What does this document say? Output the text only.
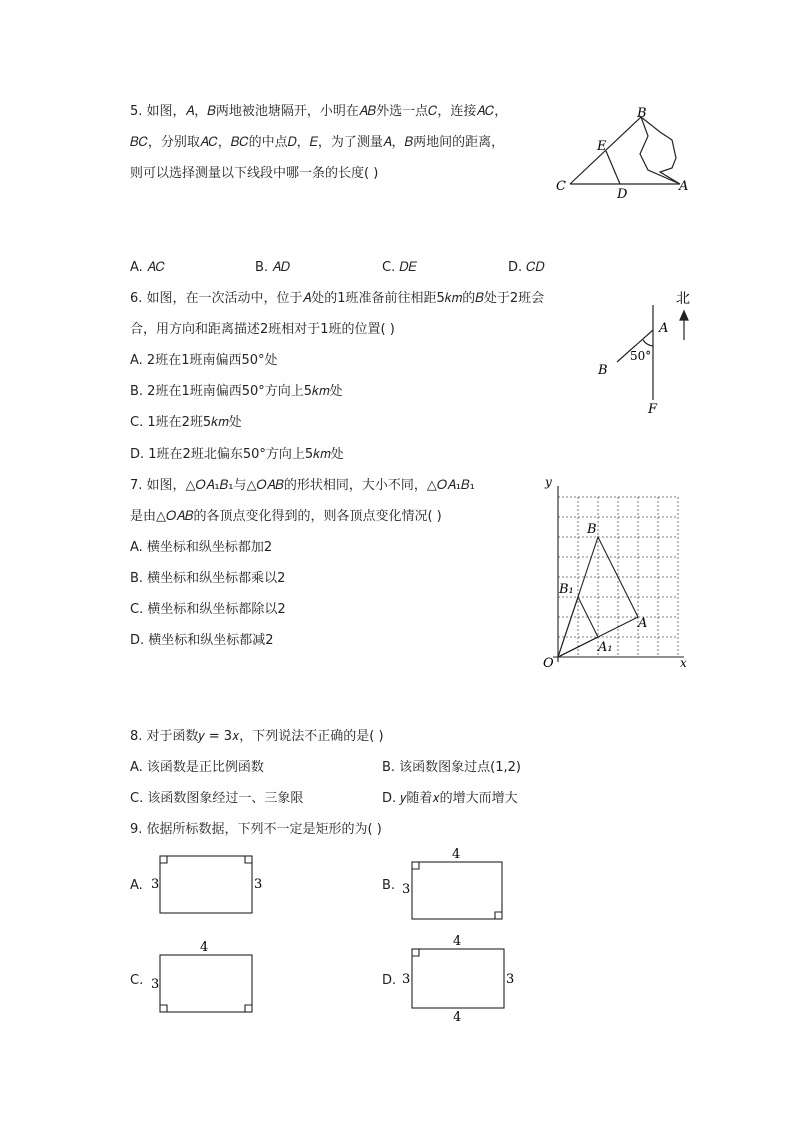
5. 如图，𝐴，𝐵两地被池塘隔开，小明在𝐴𝐵外选一点𝐶，连接𝐴𝐶，
𝐵𝐶，分别取𝐴𝐶，𝐵𝐶的中点𝐷，𝐸，为了测量𝐴，𝐵两地间的距离，
则可以选择测量以下线段中哪一条的长度( )
B
E
C
D
A
A. 𝐴𝐶	B. 𝐴𝐷	C. 𝐷𝐸	D. 𝐶𝐷
6. 如图，在一次活动中，位于𝐴处的1班准备前往相距5𝑘𝑚的𝐵处于2班会
合，用方向和距离描述2班相对于1班的位置( )
A. 2班在1班南偏西50°处
B. 2班在1班南偏西50°方向上5𝑘𝑚处
C. 1班在2班5𝑘𝑚处
D. 1班在2班北偏东50°方向上5𝑘𝑚处
北
A
50°
B
F
7. 如图，△𝑂𝐴₁𝐵₁与△𝑂𝐴𝐵的形状相同，大小不同，△𝑂𝐴₁𝐵₁
是由△𝑂𝐴𝐵的各顶点变化得到的，则各顶点变化情况( )
A. 横坐标和纵坐标都加2
B. 横坐标和纵坐标都乘以2
C. 横坐标和纵坐标都除以2
D. 横坐标和纵坐标都减2
y
x
O
B
B₁
A
A₁
8. 对于函数𝑦 = 3𝑥，下列说法不正确的是( )
A. 该函数是正比例函数	B. 该函数图象过点(1,2)
C. 该函数图象经过一、三象限	D. 𝑦随着𝑥的增大而增大
9. 依据所标数据，下列不一定是矩形的为( )
A.	B.
C.	D.
3	3
4
3
4
3
4
3	3
4
